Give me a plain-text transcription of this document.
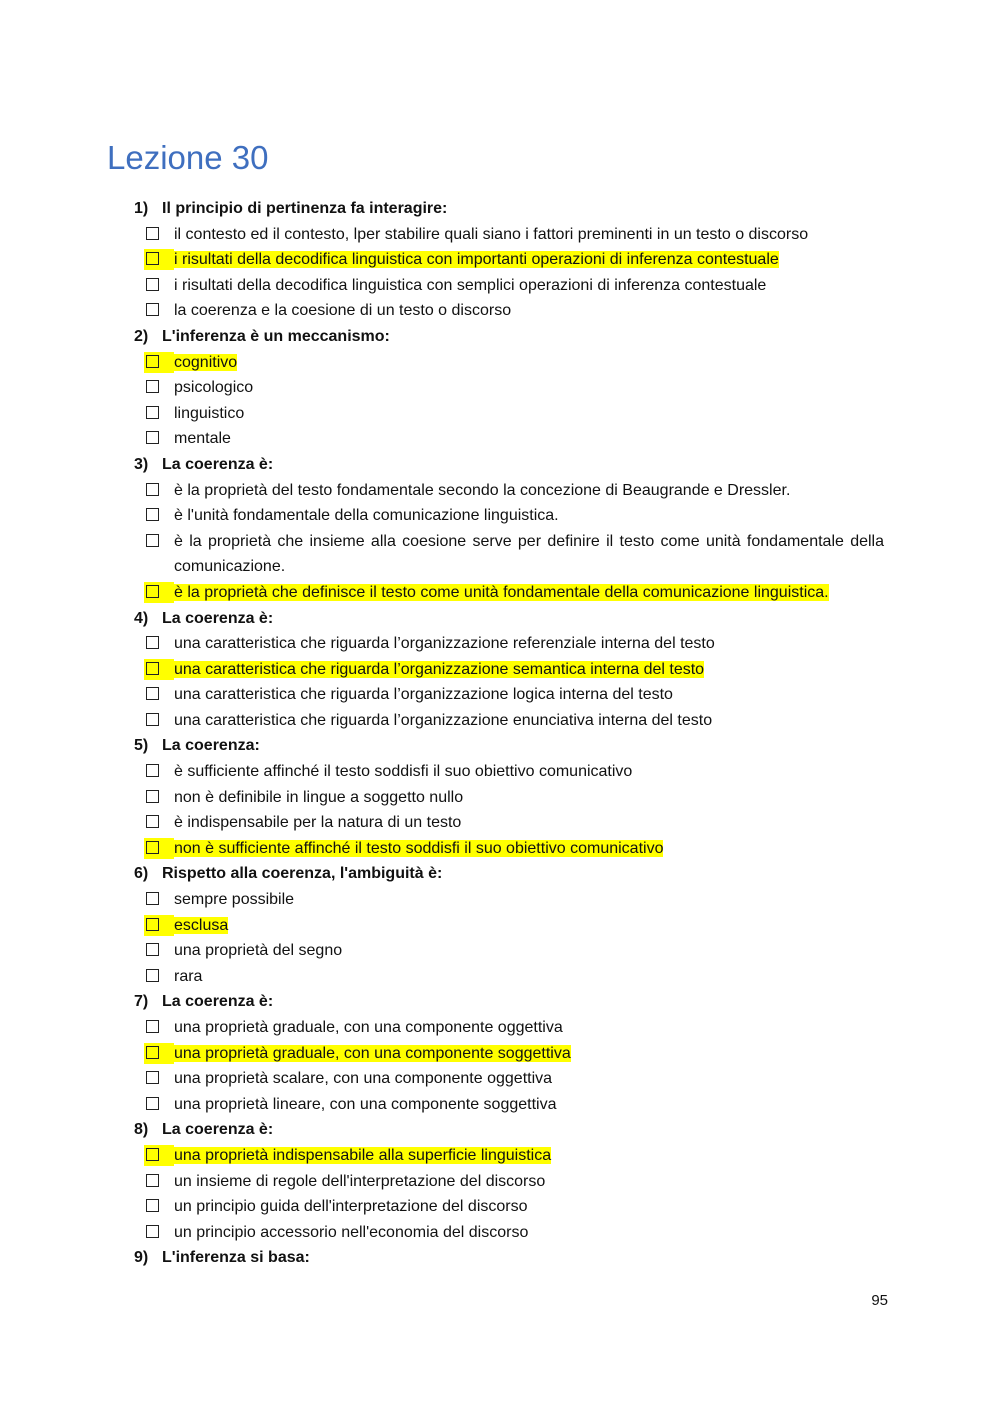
Lezione 30
1) Il principio di pertinenza fa interagire:
il contesto ed il contesto, lper stabilire quali siano i fattori preminenti in un testo o discorso
i risultati della decodifica linguistica con importanti operazioni di inferenza contestuale
i risultati della decodifica linguistica con semplici operazioni di inferenza contestuale
la coerenza e la coesione di un testo o discorso
2) L'inferenza è un meccanismo:
cognitivo
psicologico
linguistico
mentale
3) La coerenza è:
è la proprietà del testo fondamentale secondo la concezione di Beaugrande e Dressler.
è l'unità fondamentale della comunicazione linguistica.
è la proprietà che insieme alla coesione serve per definire il testo come unità fondamentale della comunicazione.
è la proprietà che definisce il testo come unità fondamentale della comunicazione linguistica.
4) La coerenza è:
una caratteristica che riguarda l’organizzazione referenziale interna del testo
una caratteristica che riguarda l’organizzazione semantica interna del testo
una caratteristica che riguarda l’organizzazione logica interna del testo
una caratteristica che riguarda l’organizzazione enunciativa interna del testo
5) La coerenza:
è sufficiente affinché il testo soddisfi il suo obiettivo comunicativo
non è definibile in lingue a soggetto nullo
è indispensabile per la natura di un testo
non è sufficiente affinché il testo soddisfi il suo obiettivo comunicativo
6) Rispetto alla coerenza, l'ambiguità è:
sempre possibile
esclusa
una proprietà del segno
rara
7) La coerenza è:
una proprietà graduale, con una componente oggettiva
una proprietà graduale, con una componente soggettiva
una proprietà scalare, con una componente oggettiva
una proprietà lineare, con una componente soggettiva
8) La coerenza è:
una proprietà indispensabile alla superficie linguistica
un insieme di regole dell'interpretazione del discorso
un principio guida dell'interpretazione del discorso
un principio accessorio nell'economia del discorso
9) L'inferenza si basa:
95
